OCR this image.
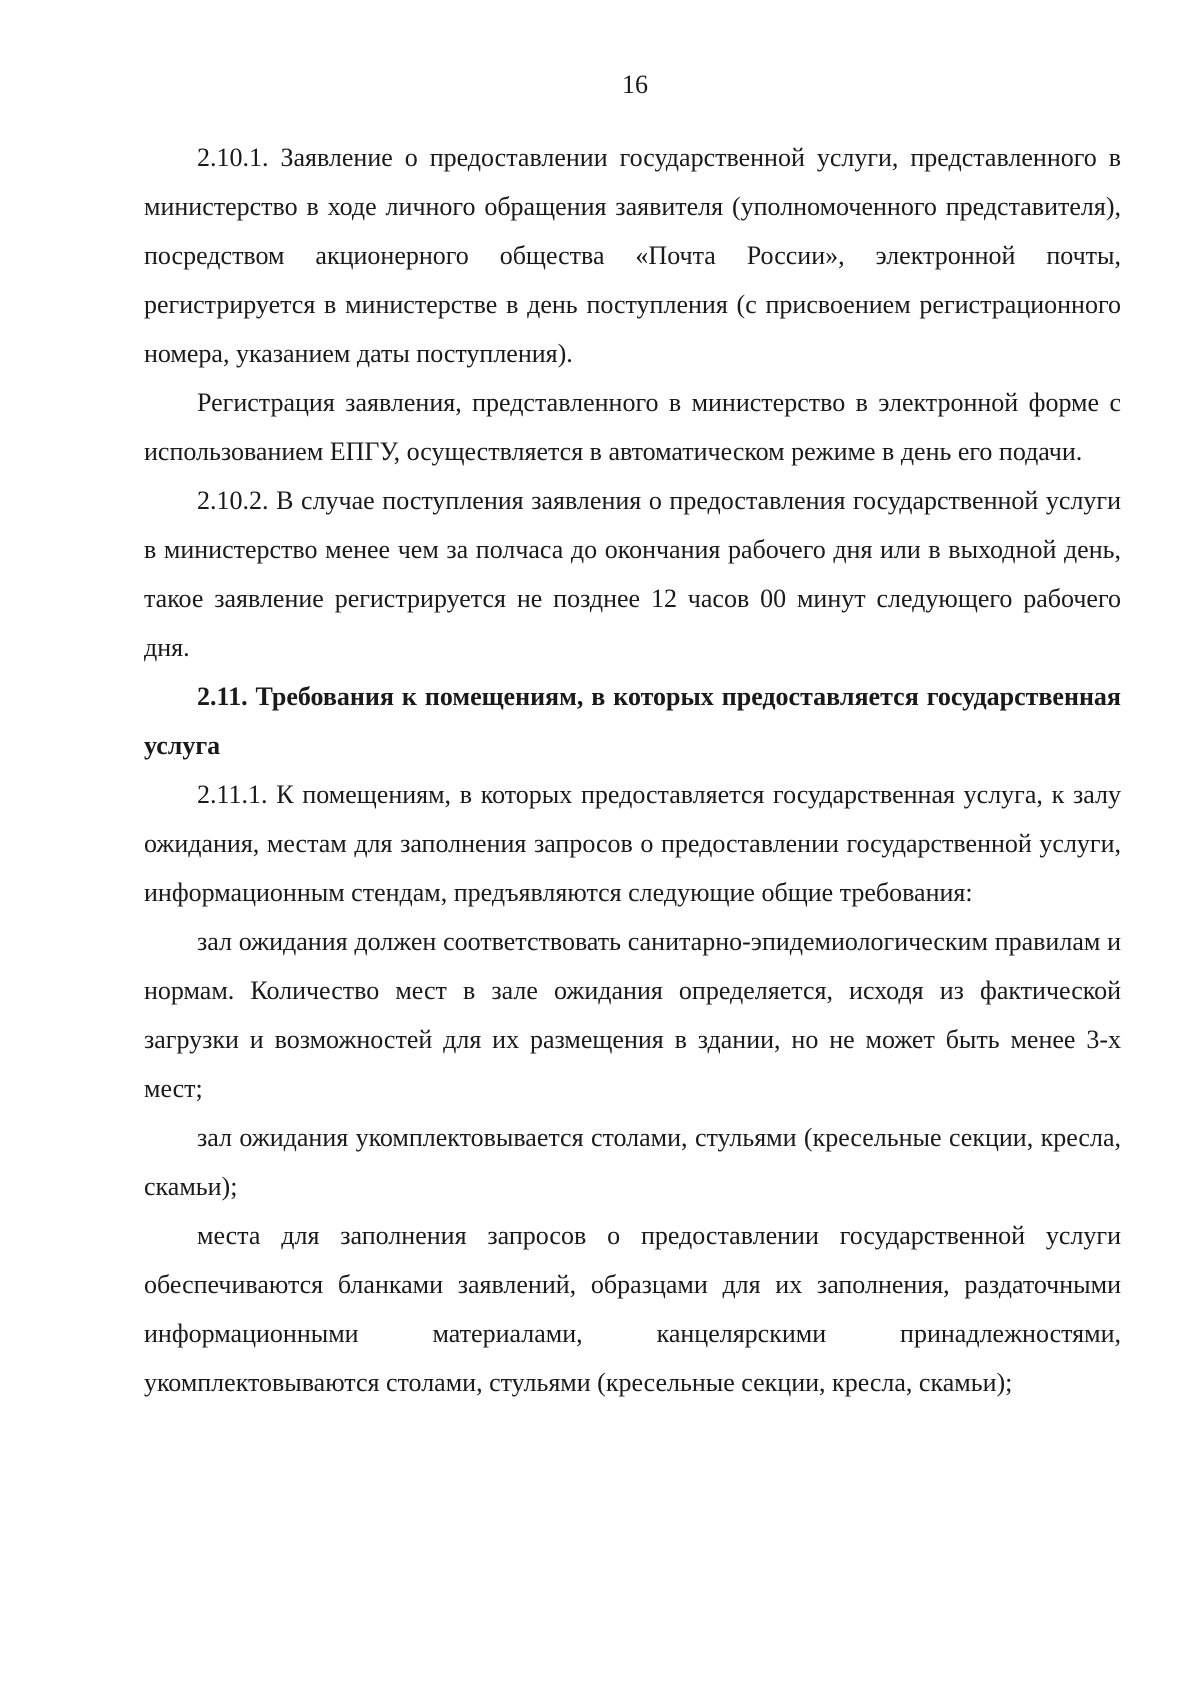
16

2.10.1. Заявление о предоставлении государственной услуги, представленного в министерство в ходе личного обращения заявителя (уполномоченного представителя), посредством акционерного общества «Почта России», электронной почты, регистрируется в министерстве в день поступления (с присвоением регистрационного номера, указанием даты поступления).

Регистрация заявления, представленного в министерство в электронной форме с использованием ЕПГУ, осуществляется в автоматическом режиме в день его подачи.

2.10.2. В случае поступления заявления о предоставления государственной услуги в министерство менее чем за полчаса до окончания рабочего дня или в выходной день, такое заявление регистрируется не позднее 12 часов 00 минут следующего рабочего дня.

2.11. Требования к помещениям, в которых предоставляется государственная услуга

2.11.1. К помещениям, в которых предоставляется государственная услуга, к залу ожидания, местам для заполнения запросов о предоставлении государственной услуги, информационным стендам, предъявляются следующие общие требования:

зал ожидания должен соответствовать санитарно-эпидемиологическим правилам и нормам. Количество мест в зале ожидания определяется, исходя из фактической загрузки и возможностей для их размещения в здании, но не может быть менее 3-х мест;

зал ожидания укомплектовывается столами, стульями (кресельные секции, кресла, скамьи);

места для заполнения запросов о предоставлении государственной услуги обеспечиваются бланками заявлений, образцами для их заполнения, раздаточными информационными материалами, канцелярскими принадлежностями, укомплектовываются столами, стульями (кресельные секции, кресла, скамьи);
